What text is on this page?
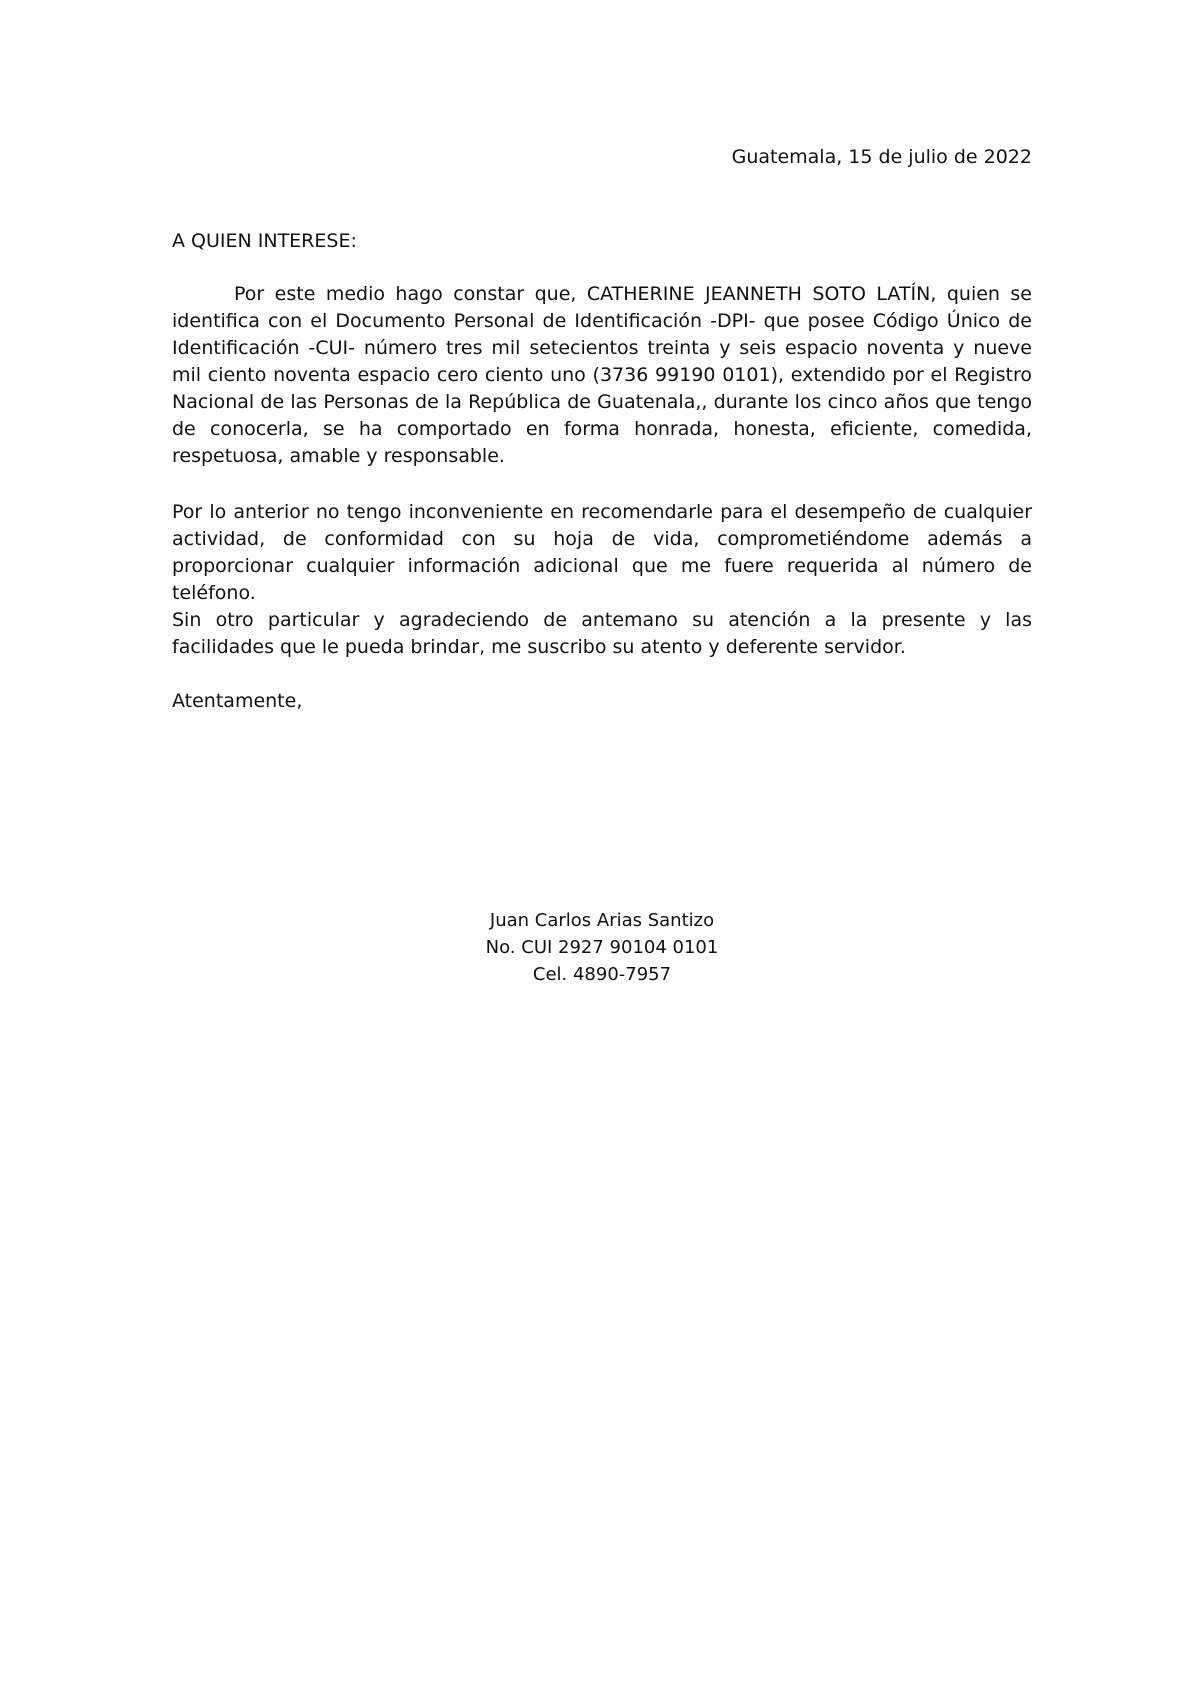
Guatemala, 15 de julio de 2022
A QUIEN INTERESE:

Por este medio hago constar que, CATHERINE JEANNETH SOTO LATÍN, quien se identifica con el Documento Personal de Identificación -DPI- que posee Código Único de Identificación -CUI- número tres mil setecientos treinta y seis espacio noventa y nueve mil ciento noventa espacio cero ciento uno (3736 99190 0101), extendido por el Registro Nacional de las Personas de la República de Guatenala,, durante los cinco años que tengo de conocerla, se ha comportado en forma honrada, honesta, eficiente, comedida, respetuosa, amable y responsable.

Por lo anterior no tengo inconveniente en recomendarle para el desempeño de cualquier actividad, de conformidad con su hoja de vida, comprometiéndome además a proporcionar cualquier información adicional que me fuere requerida al número de teléfono.

Sin otro particular y agradeciendo de antemano su atención a la presente y las facilidades que le pueda brindar, me suscribo su atento y deferente servidor.

Atentamente,
Juan Carlos Arias Santizo
No. CUI 2927 90104 0101
Cel. 4890-7957
